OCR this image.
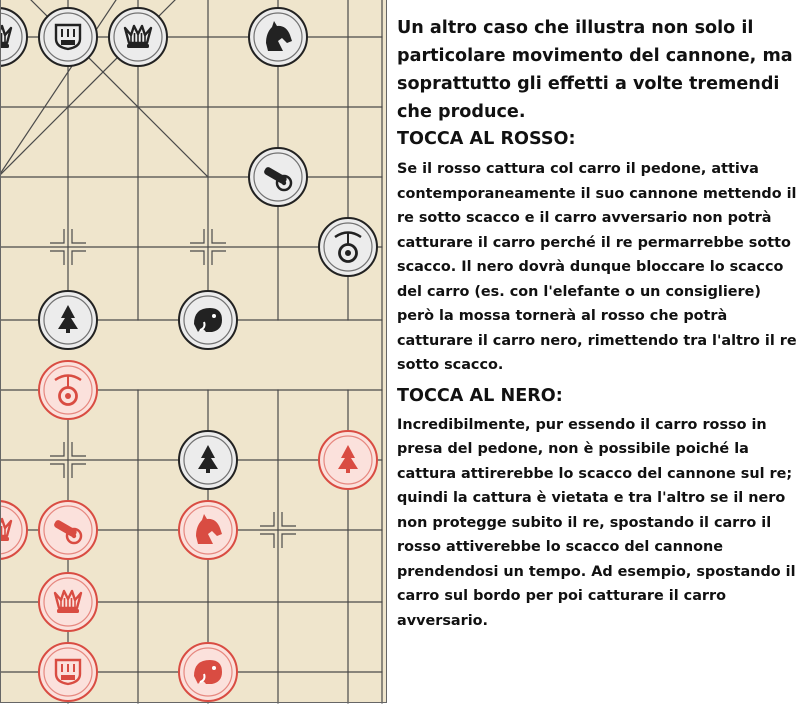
Un altro caso che illustra non solo il particolare movimento del cannone, ma soprattutto gli effetti a volte tremendi che produce.

TOCCA AL ROSSO:

Se il rosso cattura col carro il pedone, attiva contemporaneamente il suo cannone mettendo il re sotto scacco e il carro avversario non potrà catturare il carro perché il re permarrebbe sotto scacco. Il nero dovrà dunque bloccare lo scacco del carro (es. con l'elefante o un consigliere) però la mossa tornerà al rosso che potrà catturare il carro nero, rimettendo tra l'altro il re sotto scacco.

TOCCA AL NERO:

Incredibilmente, pur essendo il carro rosso in presa del pedone, non è possibile poiché la cattura attirerebbe lo scacco del cannone sul re; quindi la cattura è vietata e tra l'altro se il nero non protegge subito il re, spostando il carro il rosso attiverebbe lo scacco del cannone prendendosi un tempo. Ad esempio, spostando il carro sul bordo per poi catturare il carro avversario.
